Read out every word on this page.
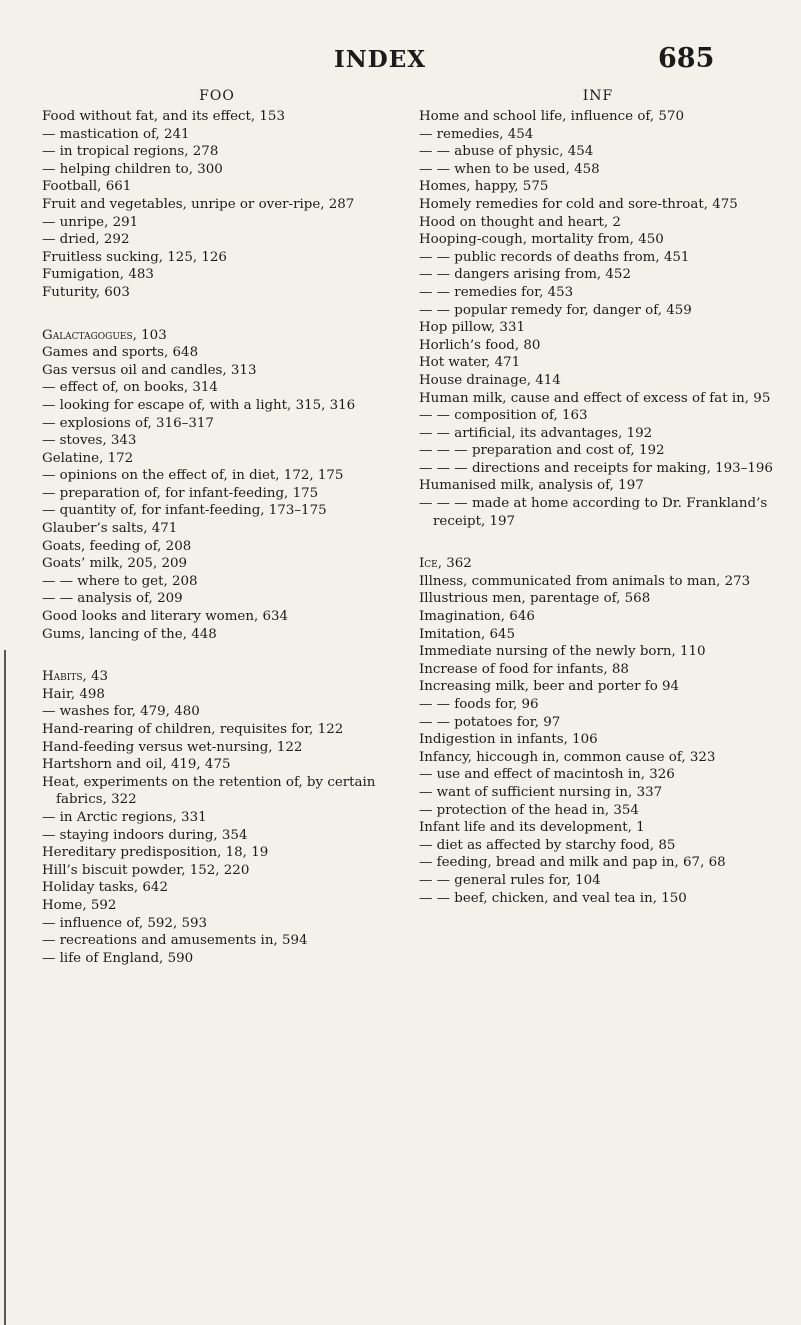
INDEX	685
FOO
Food without fat, and its effect, 153
— mastication of, 241
— in tropical regions, 278
— helping children to, 300
Football, 661
Fruit and vegetables, unripe or over-ripe, 287
— unripe, 291
— dried, 292
Fruitless sucking, 125, 126
Fumigation, 483
Futurity, 603
Galactagogues, 103
Games and sports, 648
Gas versus oil and candles, 313
— effect of, on books, 314
— looking for escape of, with a light, 315, 316
— explosions of, 316–317
— stoves, 343
Gelatine, 172
— opinions on the effect of, in diet, 172, 175
— preparation of, for infant-feeding, 175
— quantity of, for infant-feeding, 173–175
Glauber’s salts, 471
Goats, feeding of, 208
Goats’ milk, 205, 209
— — where to get, 208
— — analysis of, 209
Good looks and literary women, 634
Gums, lancing of the, 448
Habits, 43
Hair, 498
— washes for, 479, 480
Hand-rearing of children, requisites for, 122
Hand-feeding versus wet-nursing, 122
Hartshorn and oil, 419, 475
Heat, experiments on the retention of, by certain fabrics, 322
— in Arctic regions, 331
— staying indoors during, 354
Hereditary predisposition, 18, 19
Hill’s biscuit powder, 152, 220
Holiday tasks, 642
Home, 592
— influence of, 592, 593
— recreations and amusements in, 594
— life of England, 590
INF
Home and school life, influence of, 570
— remedies, 454
— — abuse of physic, 454
— — when to be used, 458
Homes, happy, 575
Homely remedies for cold and sore-throat, 475
Hood on thought and heart, 2
Hooping-cough, mortality from, 450
— — public records of deaths from, 451
— — dangers arising from, 452
— — remedies for, 453
— — popular remedy for, danger of, 459
Hop pillow, 331
Horlich’s food, 80
Hot water, 471
House drainage, 414
Human milk, cause and effect of excess of fat in, 95
— — composition of, 163
— — artificial, its advantages, 192
— — — preparation and cost of, 192
— — — directions and receipts for making, 193–196
Humanised milk, analysis of, 197
— — — made at home according to Dr. Frankland’s receipt, 197
Ice, 362
Illness, communicated from animals to man, 273
Illustrious men, parentage of, 568
Imagination, 646
Imitation, 645
Immediate nursing of the newly born, 110
Increase of food for infants, 88
Increasing milk, beer and porter fo 94
— — foods for, 96
— — potatoes for, 97
Indigestion in infants, 106
Infancy, hiccough in, common cause of, 323
— use and effect of macintosh in, 326
— want of sufficient nursing in, 337
— protection of the head in, 354
Infant life and its development, 1
— diet as affected by starchy food, 85
— feeding, bread and milk and pap in, 67, 68
— — general rules for, 104
— — beef, chicken, and veal tea in, 150
